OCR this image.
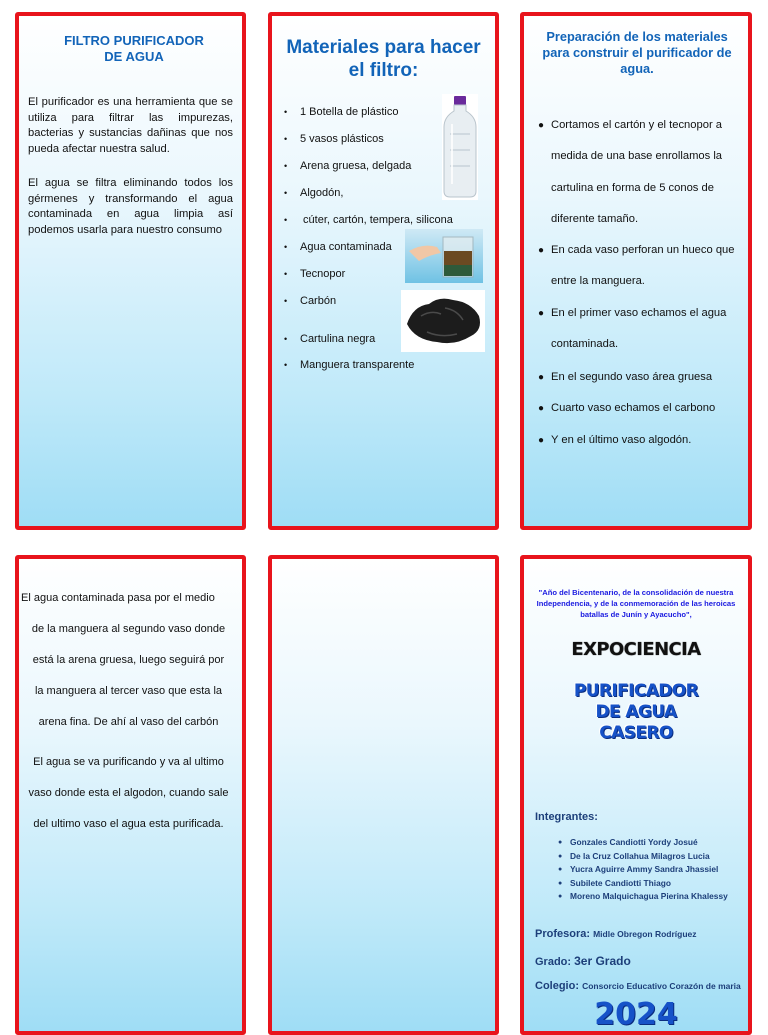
FILTRO PURIFICADOR DE AGUA
El purificador es una herramienta que se utiliza para filtrar las impurezas, bacterias y sustancias dañinas que nos pueda afectar nuestra salud.
El agua se filtra eliminando todos los gérmenes y transformando el agua contaminada en agua limpia así podemos usarla para nuestro consumo
Materiales para hacer el filtro:
• 1 Botella de plástico
• 5 vasos plásticos
• Arena gruesa, delgada
• Algodón,
• cúter, cartón, tempera, silicona
• Agua contaminada
• Tecnopor
• Carbón
• Cartulina negra
• Manguera transparente
Preparación de los materiales para construir el purificador de agua.
● Cortamos el cartón y el tecnopor a medida de una base enrollamos la cartulina en forma de 5 conos de diferente tamaño.
● En cada vaso perforan un hueco que entre la manguera.
● En el primer vaso echamos el agua contaminada.
● En el segundo vaso área gruesa
● Cuarto vaso echamos el carbono
● Y en el último vaso algodón.
El agua contaminada pasa por el medio
de la manguera al segundo vaso donde
está la arena gruesa, luego seguirá por
la manguera al tercer vaso que esta la
arena fina. De ahí al vaso del carbón
El agua se va purificando y va al ultimo
vaso donde esta el algodon, cuando sale
del ultimo vaso el agua esta purificada.
"Año del Bicentenario, de la consolidación de nuestra Independencia, y de la conmemoración de las heroicas batallas de Junín y Ayacucho",
EXPOCIENCIA
PURIFICADOR DE AGUA CASERO
Integrantes:
● Gonzales Candiotti Yordy Josué
● De la Cruz Collahua Milagros Lucia
● Yucra Aguirre Ammy Sandra Jhassiel
● Subilete Candiotti Thiago
● Moreno Malquichagua Pierina Khalessy
Profesora: Midle Obregon Rodríguez
Grado: 3er Grado
Colegio: Consorcio Educativo Corazón de maria
2024
